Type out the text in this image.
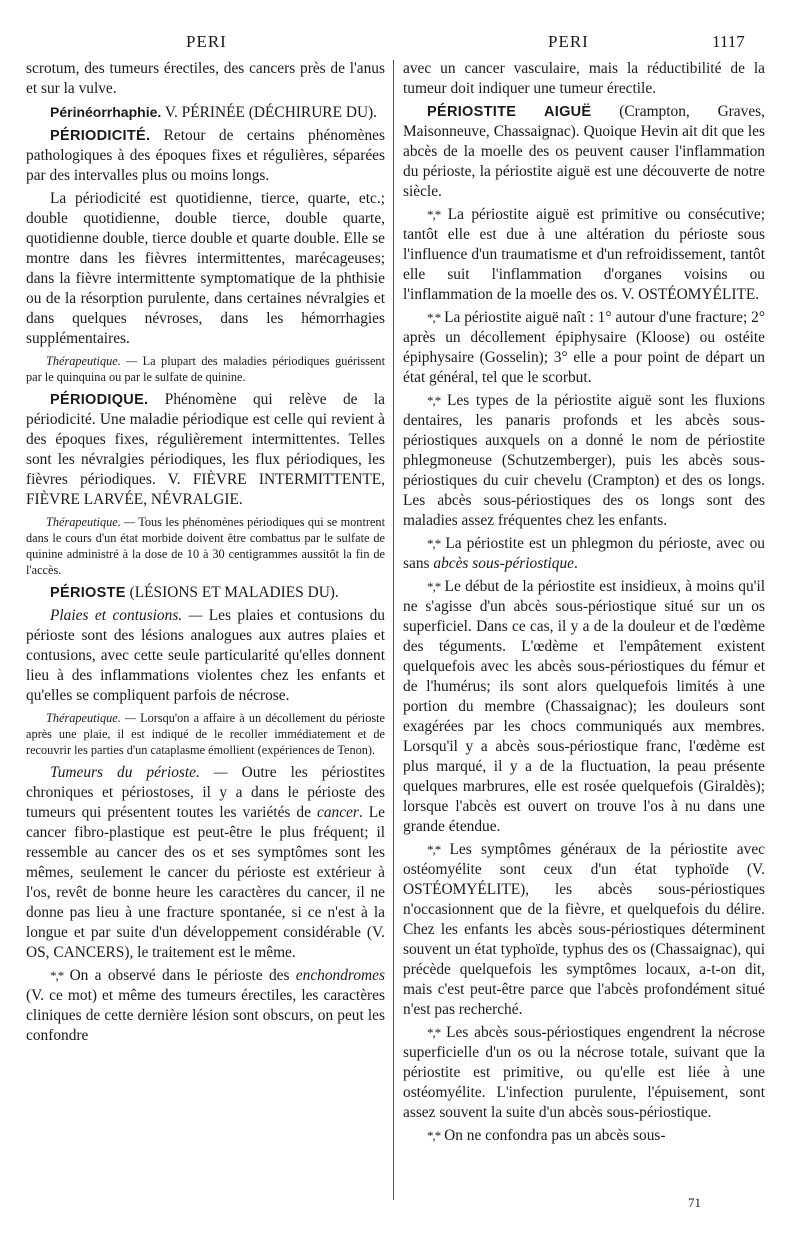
PERI	PERI	1117

scrotum, des tumeurs érectiles, des cancers près de l'anus et sur la vulve.

Périnéorrhaphie. V. PÉRINÉE (DÉCHIRURE DU).

PÉRIODICITÉ. Retour de certains phénomènes pathologiques à des époques fixes et régulières, séparées par des intervalles plus ou moins longs.

La périodicité est quotidienne, tierce, quarte, etc.; double quotidienne, double tierce, double quarte, quotidienne double, tierce double et quarte double. Elle se montre dans les fièvres intermittentes, marécageuses; dans la fièvre intermittente symptomatique de la phthisie ou de la résorption purulente, dans certaines névralgies et dans quelques névroses, dans les hémorrhagies supplémentaires.

Thérapeutique. — La plupart des maladies périodiques guérissent par le quinquina ou par le sulfate de quinine.

PÉRIODIQUE. Phénomène qui relève de la périodicité. Une maladie périodique est celle qui revient à des époques fixes, régulièrement intermittentes. Telles sont les névralgies périodiques, les flux périodiques, les fièvres périodiques. V. FIÈVRE INTERMITTENTE, FIÈVRE LARVÉE, NÉVRALGIE.

Thérapeutique. — Tous les phénomènes périodiques qui se montrent dans le cours d'un état morbide doivent être combattus par le sulfate de quinine administré à la dose de 10 à 30 centigrammes aussitôt la fin de l'accès.

PÉRIOSTE (LÉSIONS ET MALADIES DU).

Plaies et contusions. — Les plaies et contusions du périoste sont des lésions analogues aux autres plaies et contusions, avec cette seule particularité qu'elles donnent lieu à des inflammations violentes chez les enfants et qu'elles se compliquent parfois de nécrose.

Thérapeutique. — Lorsqu'on a affaire à un décollement du périoste après une plaie, il est indiqué de le recoller immédiatement et de recouvrir les parties d'un cataplasme émollient (expériences de Tenon).

Tumeurs du périoste. — Outre les périostites chroniques et périostoses, il y a dans le périoste des tumeurs qui présentent toutes les variétés de cancer. Le cancer fibro-plastique est peut-être le plus fréquent; il ressemble au cancer des os et ses symptômes sont les mêmes, seulement le cancer du périoste est extérieur à l'os, revêt de bonne heure les caractères du cancer, il ne donne pas lieu à une fracture spontanée, si ce n'est à la longue et par suite d'un développement considérable (V. OS, CANCERS), le traitement est le même.

*,* On a observé dans le périoste des enchondromes (V. ce mot) et même des tumeurs érectiles, les caractères cliniques de cette dernière lésion sont obscurs, on peut les confondre

avec un cancer vasculaire, mais la réductibilité de la tumeur doit indiquer une tumeur érectile.

PÉRIOSTITE AIGUË (Crampton, Graves, Maisonneuve, Chassaignac). Quoique Hevin ait dit que les abcès de la moelle des os peuvent causer l'inflammation du périoste, la périostite aiguë est une découverte de notre siècle.

*,* La périostite aiguë est primitive ou consécutive; tantôt elle est due à une altération du périoste sous l'influence d'un traumatisme et d'un refroidissement, tantôt elle suit l'inflammation d'organes voisins ou l'inflammation de la moelle des os. V. OSTÉOMYÉLITE.

*,* La périostite aiguë naît : 1° autour d'une fracture; 2° après un décollement épiphysaire (Kloose) ou ostéite épiphysaire (Gosselin); 3° elle a pour point de départ un état général, tel que le scorbut.

*,* Les types de la périostite aiguë sont les fluxions dentaires, les panaris profonds et les abcès sous-périostiques auxquels on a donné le nom de périostite phlegmoneuse (Schutzemberger), puis les abcès sous-périostiques du cuir chevelu (Crampton) et des os longs. Les abcès sous-périostiques des os longs sont des maladies assez fréquentes chez les enfants.

*,* La périostite est un phlegmon du périoste, avec ou sans abcès sous-périostique.

*,* Le début de la périostite est insidieux, à moins qu'il ne s'agisse d'un abcès sous-périostique situé sur un os superficiel. Dans ce cas, il y a de la douleur et de l'œdème des téguments. L'œdème et l'empâtement existent quelquefois avec les abcès sous-périostiques du fémur et de l'humérus; ils sont alors quelquefois limités à une portion du membre (Chassaignac); les douleurs sont exagérées par les chocs communiqués aux membres. Lorsqu'il y a abcès sous-périostique franc, l'œdème est plus marqué, il y a de la fluctuation, la peau présente quelques marbrures, elle est rosée quelquefois (Giraldès); lorsque l'abcès est ouvert on trouve l'os à nu dans une grande étendue.

*,* Les symptômes généraux de la périostite avec ostéomyélite sont ceux d'un état typhoïde (V. OSTÉOMYÉLITE), les abcès sous-périostiques n'occasionnent que de la fièvre, et quelquefois du délire. Chez les enfants les abcès sous-périostiques déterminent souvent un état typhoïde, typhus des os (Chassaignac), qui précède quelquefois les symptômes locaux, a-t-on dit, mais c'est peut-être parce que l'abcès profondément situé n'est pas recherché.

*,* Les abcès sous-périostiques engendrent la nécrose superficielle d'un os ou la nécrose totale, suivant que la périostite est primitive, ou qu'elle est liée à une ostéomyélite. L'infection purulente, l'épuisement, sont assez souvent la suite d'un abcès sous-périostique.

*,* On ne confondra pas un abcès sous-

71
